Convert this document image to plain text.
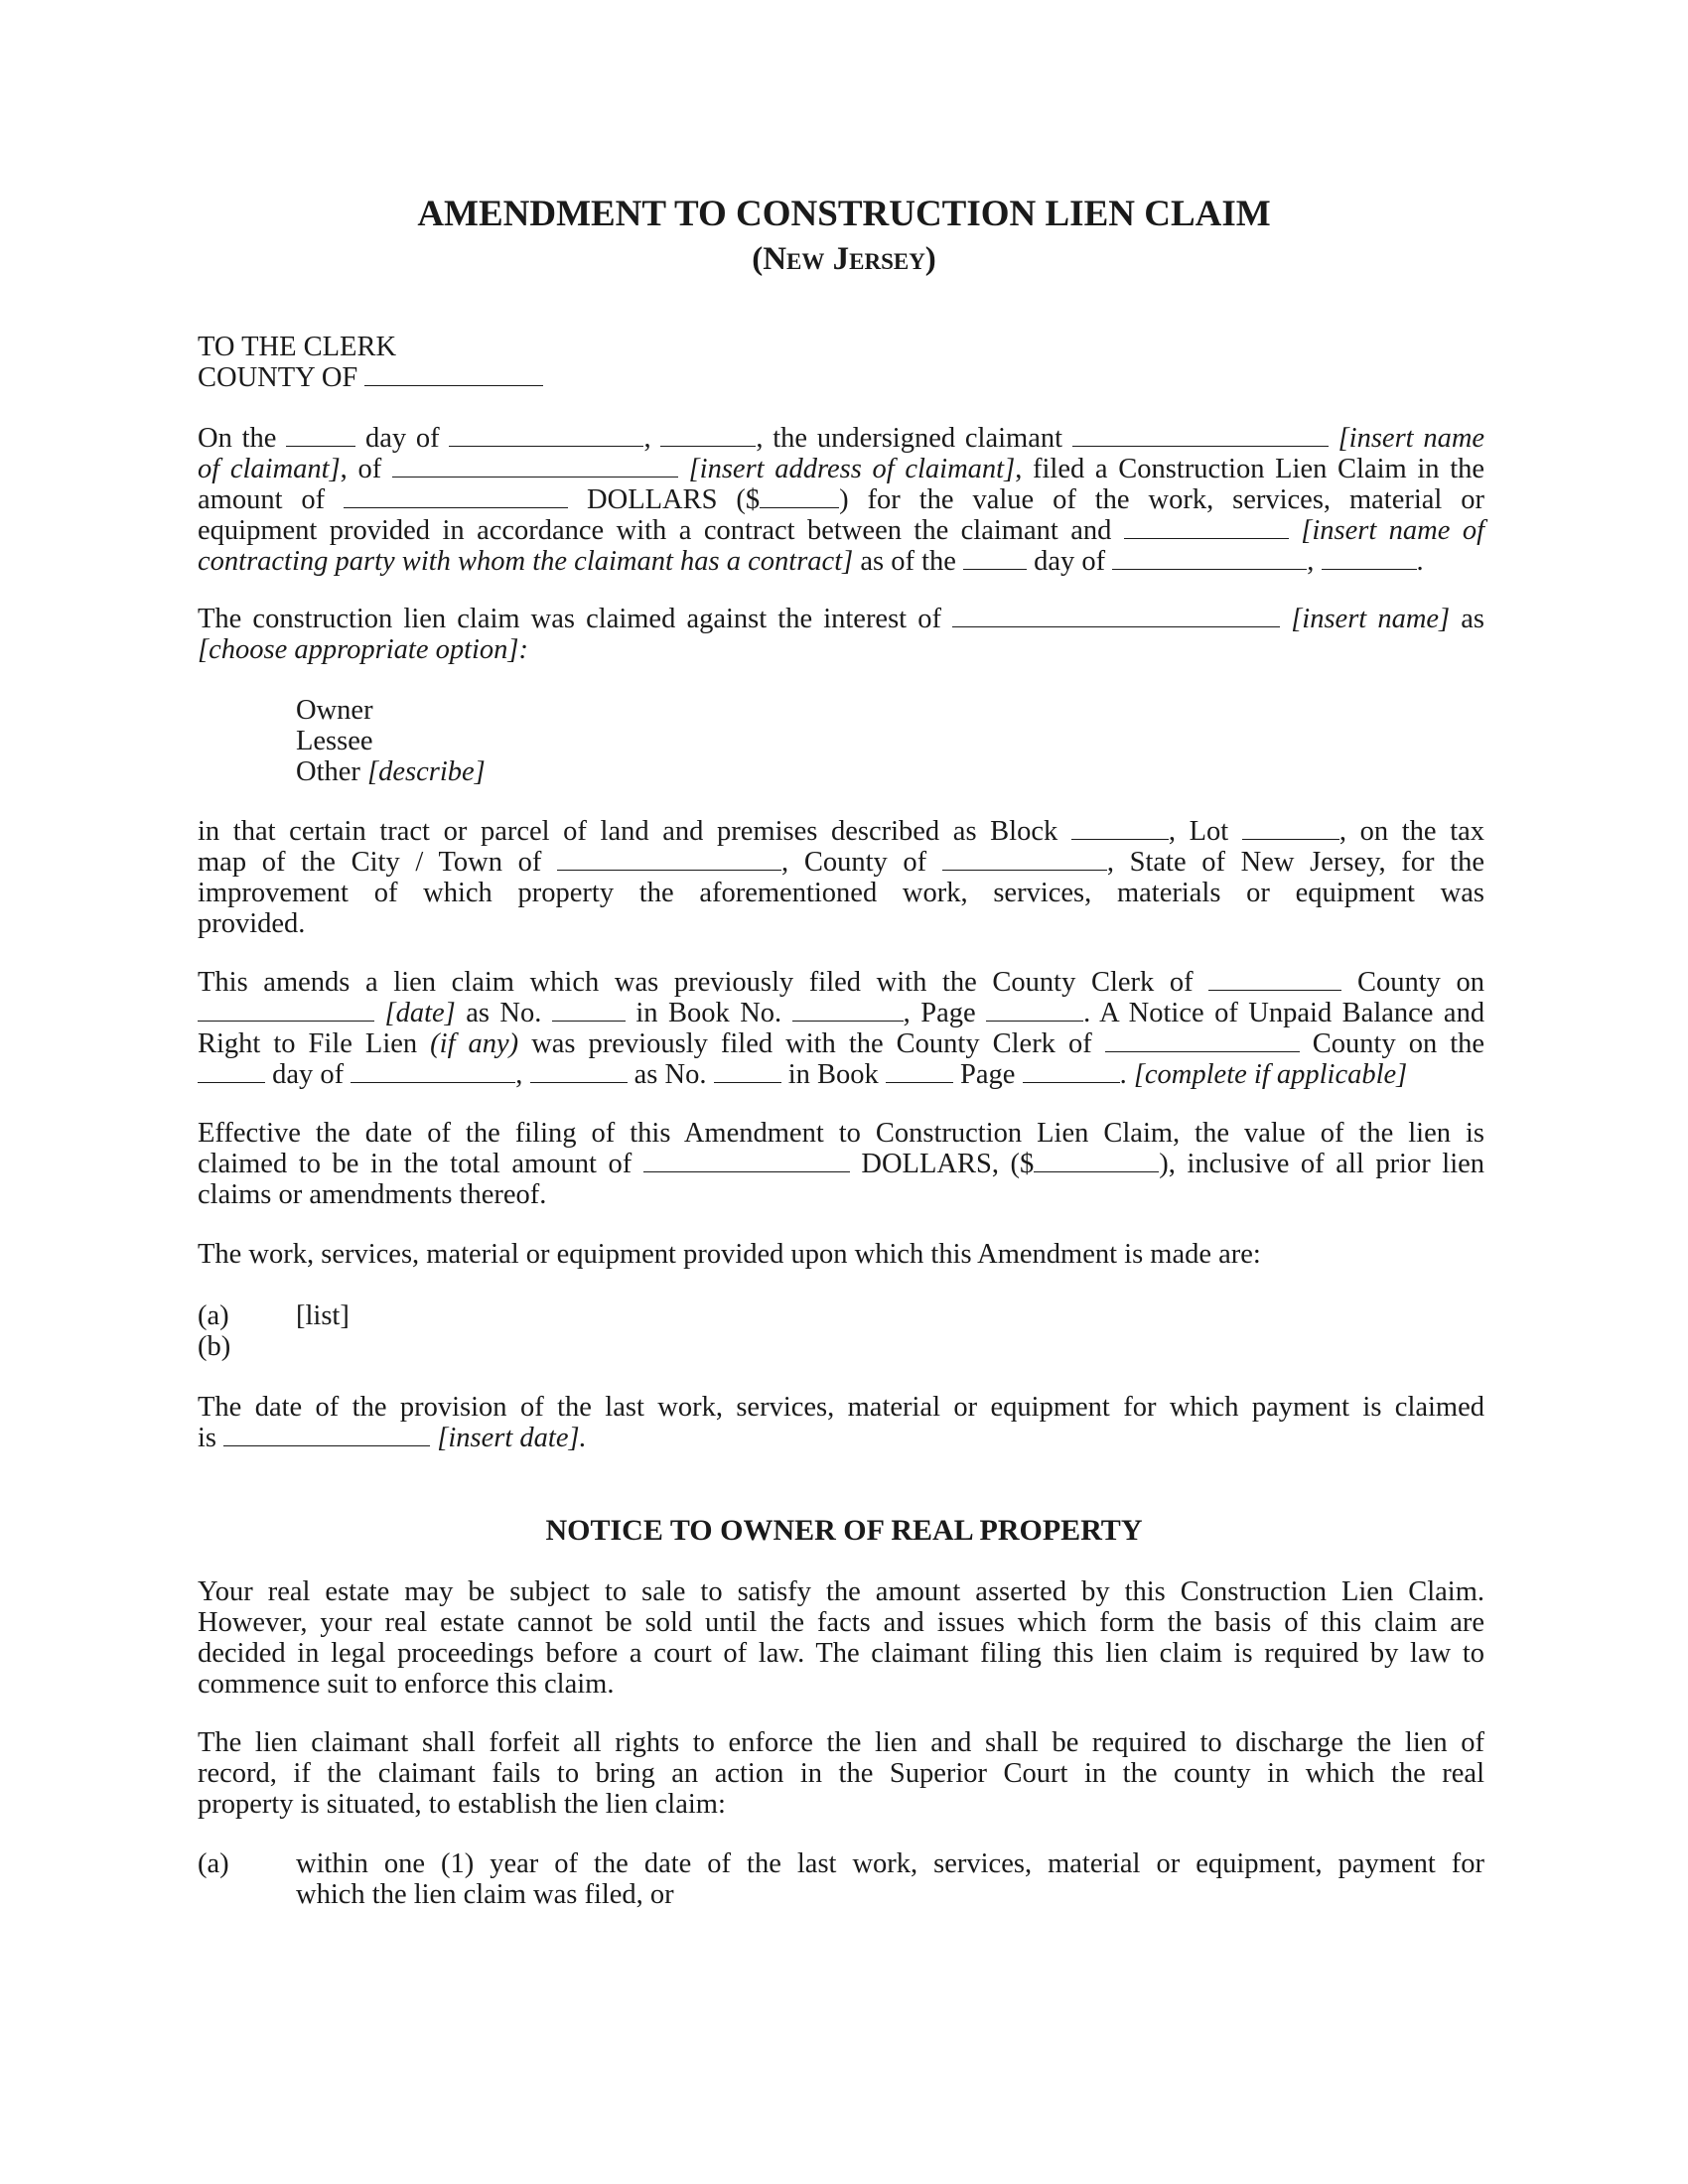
AMENDMENT TO CONSTRUCTION LIEN CLAIM
(New Jersey)
TO THE CLERK
COUNTY OF
On the	day of	,	, the undersigned claimant	[insert name
of claimant], of	[insert address of claimant], filed a Construction Lien Claim in the
amount of	DOLLARS ($	) for the value of the work, services, material or
equipment provided in accordance with a contract between the claimant and	[insert name of
contracting party with whom the claimant has a contract] as of the	day of	,	.
The construction lien claim was claimed against the interest of	[insert name] as
[choose appropriate option]:
Owner
Lessee
Other [describe]
in that certain tract or parcel of land and premises described as Block	, Lot	, on the tax
map of the City / Town of	, County of	, State of New Jersey, for the
improvement of which property the aforementioned work, services, materials or equipment was
provided.
This amends a lien claim which was previously filed with the County Clerk of	County on
[date] as No.	in Book No.	, Page	. A Notice of Unpaid Balance and
Right to File Lien (if any) was previously filed with the County Clerk of	County on the
day of	,	as No.	in Book	Page	. [complete if applicable]
Effective the date of the filing of this Amendment to Construction Lien Claim, the value of the lien is
claimed to be in the total amount of	DOLLARS, ($	), inclusive of all prior lien
claims or amendments thereof.
The work, services, material or equipment provided upon which this Amendment is made are:
(a) [list]
(b)
The date of the provision of the last work, services, material or equipment for which payment is claimed
is	[insert date].
NOTICE TO OWNER OF REAL PROPERTY
Your real estate may be subject to sale to satisfy the amount asserted by this Construction Lien Claim.
However, your real estate cannot be sold until the facts and issues which form the basis of this claim are
decided in legal proceedings before a court of law. The claimant filing this lien claim is required by law to
commence suit to enforce this claim.
The lien claimant shall forfeit all rights to enforce the lien and shall be required to discharge the lien of
record, if the claimant fails to bring an action in the Superior Court in the county in which the real
property is situated, to establish the lien claim:
(a) within one (1) year of the date of the last work, services, material or equipment, payment for
which the lien claim was filed, or
